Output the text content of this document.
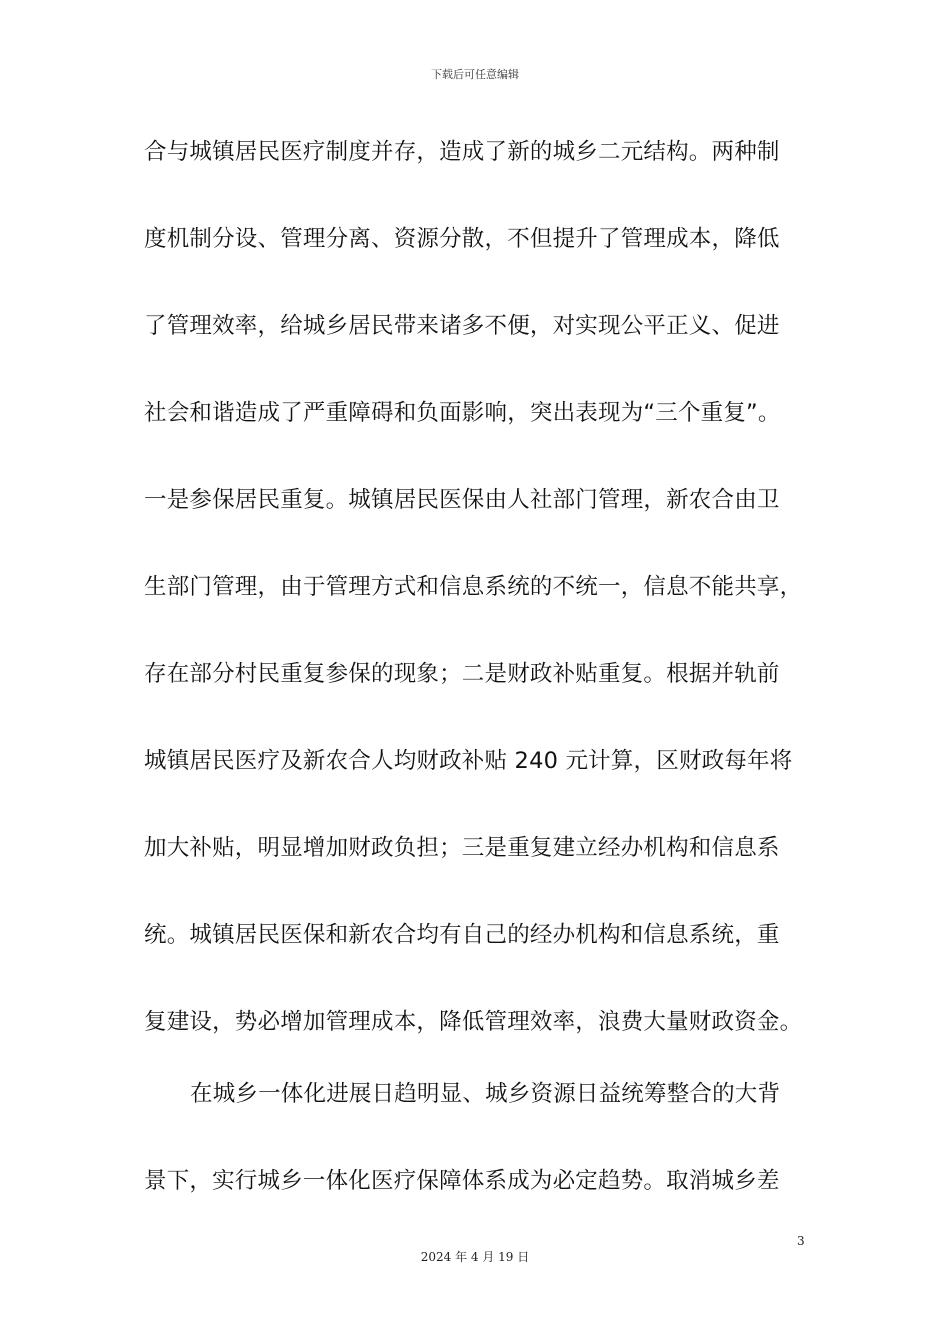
下载后可任意编辑
合与城镇居民医疗制度并存，造成了新的城乡二元结构。两种制
度机制分设、管理分离、资源分散，不但提升了管理成本，降低
了管理效率，给城乡居民带来诸多不便，对实现公平正义、促进
社会和谐造成了严重障碍和负面影响，突出表现为“三个重复”。
一是参保居民重复。城镇居民医保由人社部门管理，新农合由卫
生部门管理，由于管理方式和信息系统的不统一，信息不能共享，
存在部分村民重复参保的现象；二是财政补贴重复。根据并轨前
城镇居民医疗及新农合人均财政补贴 240 元计算，区财政每年将
加大补贴，明显增加财政负担；三是重复建立经办机构和信息系
统。城镇居民医保和新农合均有自己的经办机构和信息系统，重
复建设，势必增加管理成本，降低管理效率，浪费大量财政资金。
在城乡一体化进展日趋明显、城乡资源日益统筹整合的大背
景下，实行城乡一体化医疗保障体系成为必定趋势。取消城乡差
3
2024 年 4 月 19 日
